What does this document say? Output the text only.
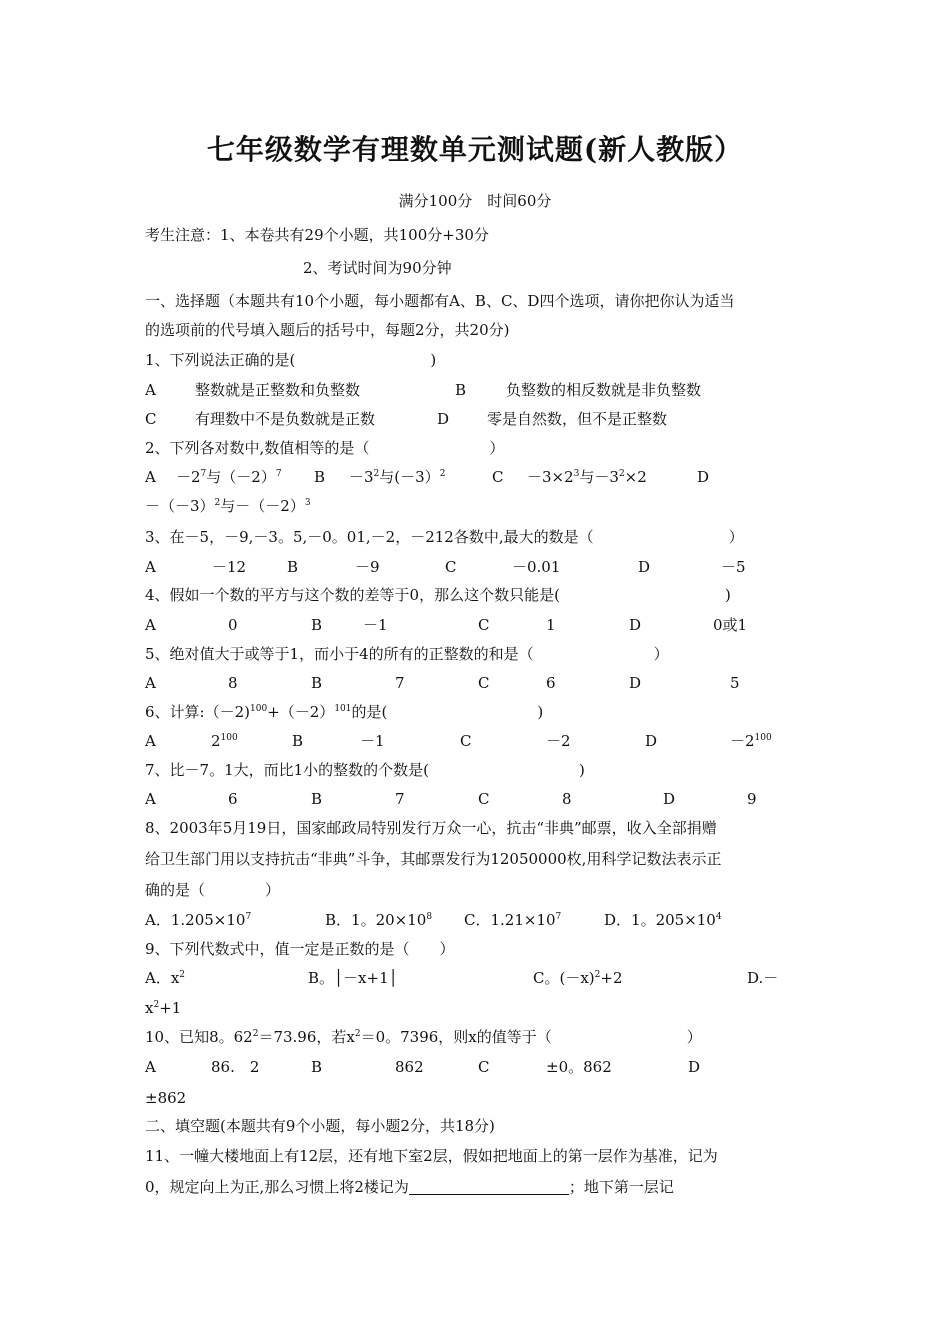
七年级数学有理数单元测试题(新人教版）
满分100分　时间60分
考生注意：1、本卷共有29个小题，共100分+30分
2、考试时间为90分钟
一、选择题（本题共有10个小题，每小题都有A、B、C、D四个选项，请你把你认为适当
的选项前的代号填入题后的括号中，每题2分，共20分)
1、下列说法正确的是(　　　　　　　　　)
A	整数就是正整数和负整数	B	负整数的相反数就是非负整数
C	有理数中不是负数就是正数	D	零是自然数，但不是正整数
2、下列各对数中,数值相等的是（　　　　　　　　）
$A -2^7$与$(-2)^7$ $B -3^2$与(－3）$^2$	$C -3\times 2^3$与$-3^2\times 2$	D
$-(-3)^2$与$-(-2)^3$
3、在－5，－9,－3。5,－0。01,－2，－212各数中,最大的数是（　　　　　　　　　）
A	－12	B	－9	C	－0.01	D	－5
4、假如一个数的平方与这个数的差等于0，那么这个数只能是(　　　　　　　　　　　)
A	0	B	－1	C	1	D	0或1
5、绝对值大于或等于1，而小于4的所有的正整数的和是（　　　　　　　　）
A	8	B	7	C	6	D	5
6、计算$:(-2)^{100}+(-2)^{101}$的是(　　　　　　　　　　)
A	$2^{100}$	B	－1	C	－2	D	$-2^{100}$
7、比－7。1大，而比1小的整数的个数是(　　　　　　　　　　)
A	6	B	7	C	8	D	9
8、2003年5月19日，国家邮政局特别发行万众一心，抗击“非典”邮票，收入全部捐赠
给卫生部门用以支持抗击“非典”斗争，其邮票发行为12050000枚,用科学记数法表示正
确的是（　　　　）
A．$1.205\times 10^7$	B．1。$20\times 10^8$ C．$1.21\times 10^7$	D．1。$205\times 10^4$
9、下列代数式中，值一定是正数的是（　　）
A．$x^2$	B。│－x+1│	C。$(-x)^2+2$	D.－
$x^2+1$
10、已知8。$62^2=73.96$，若$x^2=0$。7396，则x的值等于（　　　　　　　　　）
A	86.　2	B	862	C	±0。862	D
±862
二、填空题(本题共有9个小题，每小题2分，共18分)
11、一幢大楼地面上有12层，还有地下室2层，假如把地面上的第一层作为基准，记为
0，规定向上为正,那么习惯上将2楼记为	；地下第一层记
